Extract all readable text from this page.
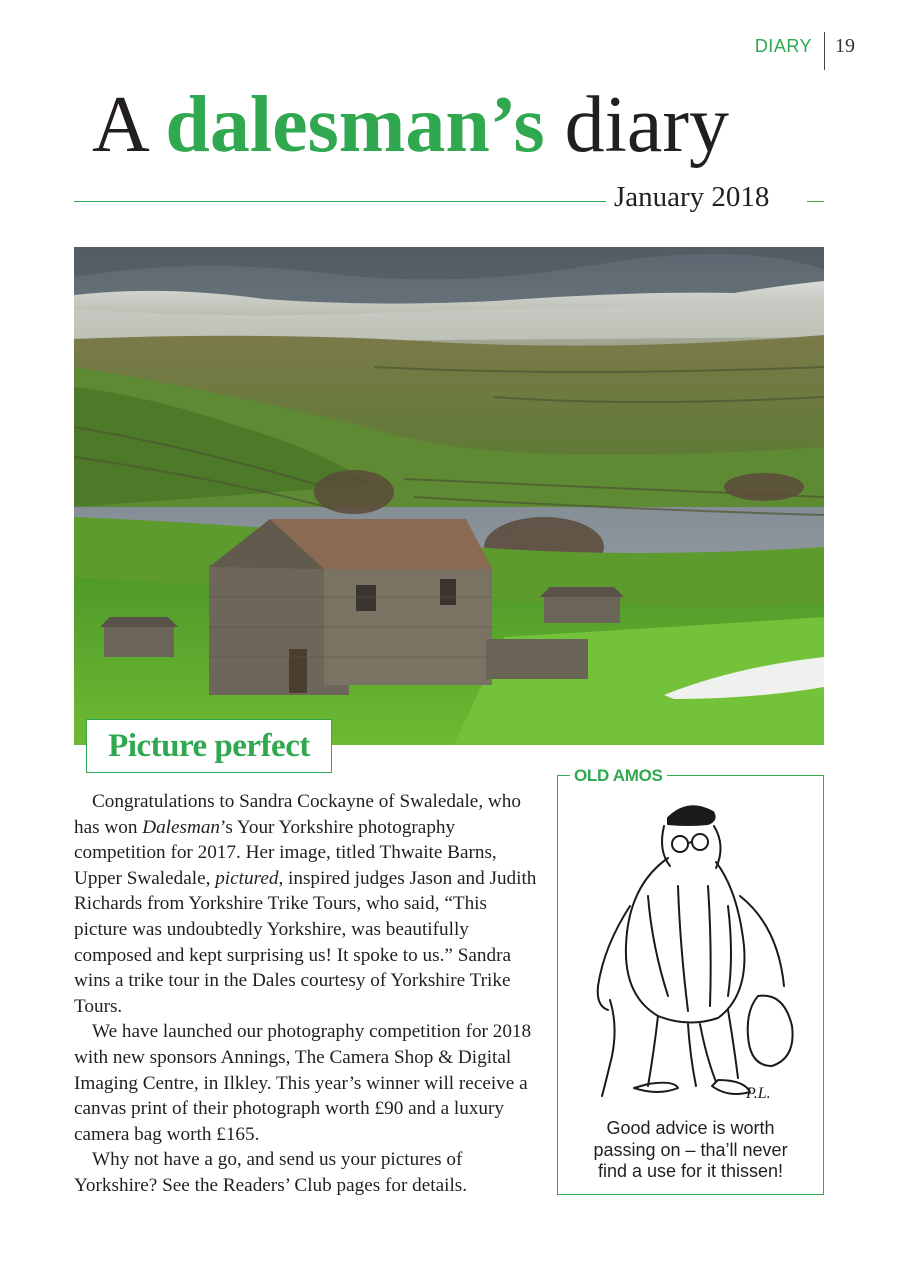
DIARY	19
A dalesman’s diary
January 2018
Picture perfect

Congratulations to Sandra Cockayne of Swaledale, who has won Dalesman’s Your Yorkshire photography competition for 2017. Her image, titled Thwaite Barns, Upper Swaledale, pictured, inspired judges Jason and Judith Richards from Yorkshire Trike Tours, who said, “This picture was undoubtedly Yorkshire, was beautifully composed and kept surprising us! It spoke to us.” Sandra wins a trike tour in the Dales courtesy of Yorkshire Trike Tours.

We have launched our photography competition for 2018 with new sponsors Annings, The Camera Shop & Digital Imaging Centre, in Ilkley. This year’s winner will receive a canvas print of their photograph worth £90 and a luxury camera bag worth £165.

Why not have a go, and send us your pictures of Yorkshire? See the Readers’ Club pages for details.

OLD AMOS
P.L.
Good advice is worth
passing on – tha’ll never
find a use for it thissen!
